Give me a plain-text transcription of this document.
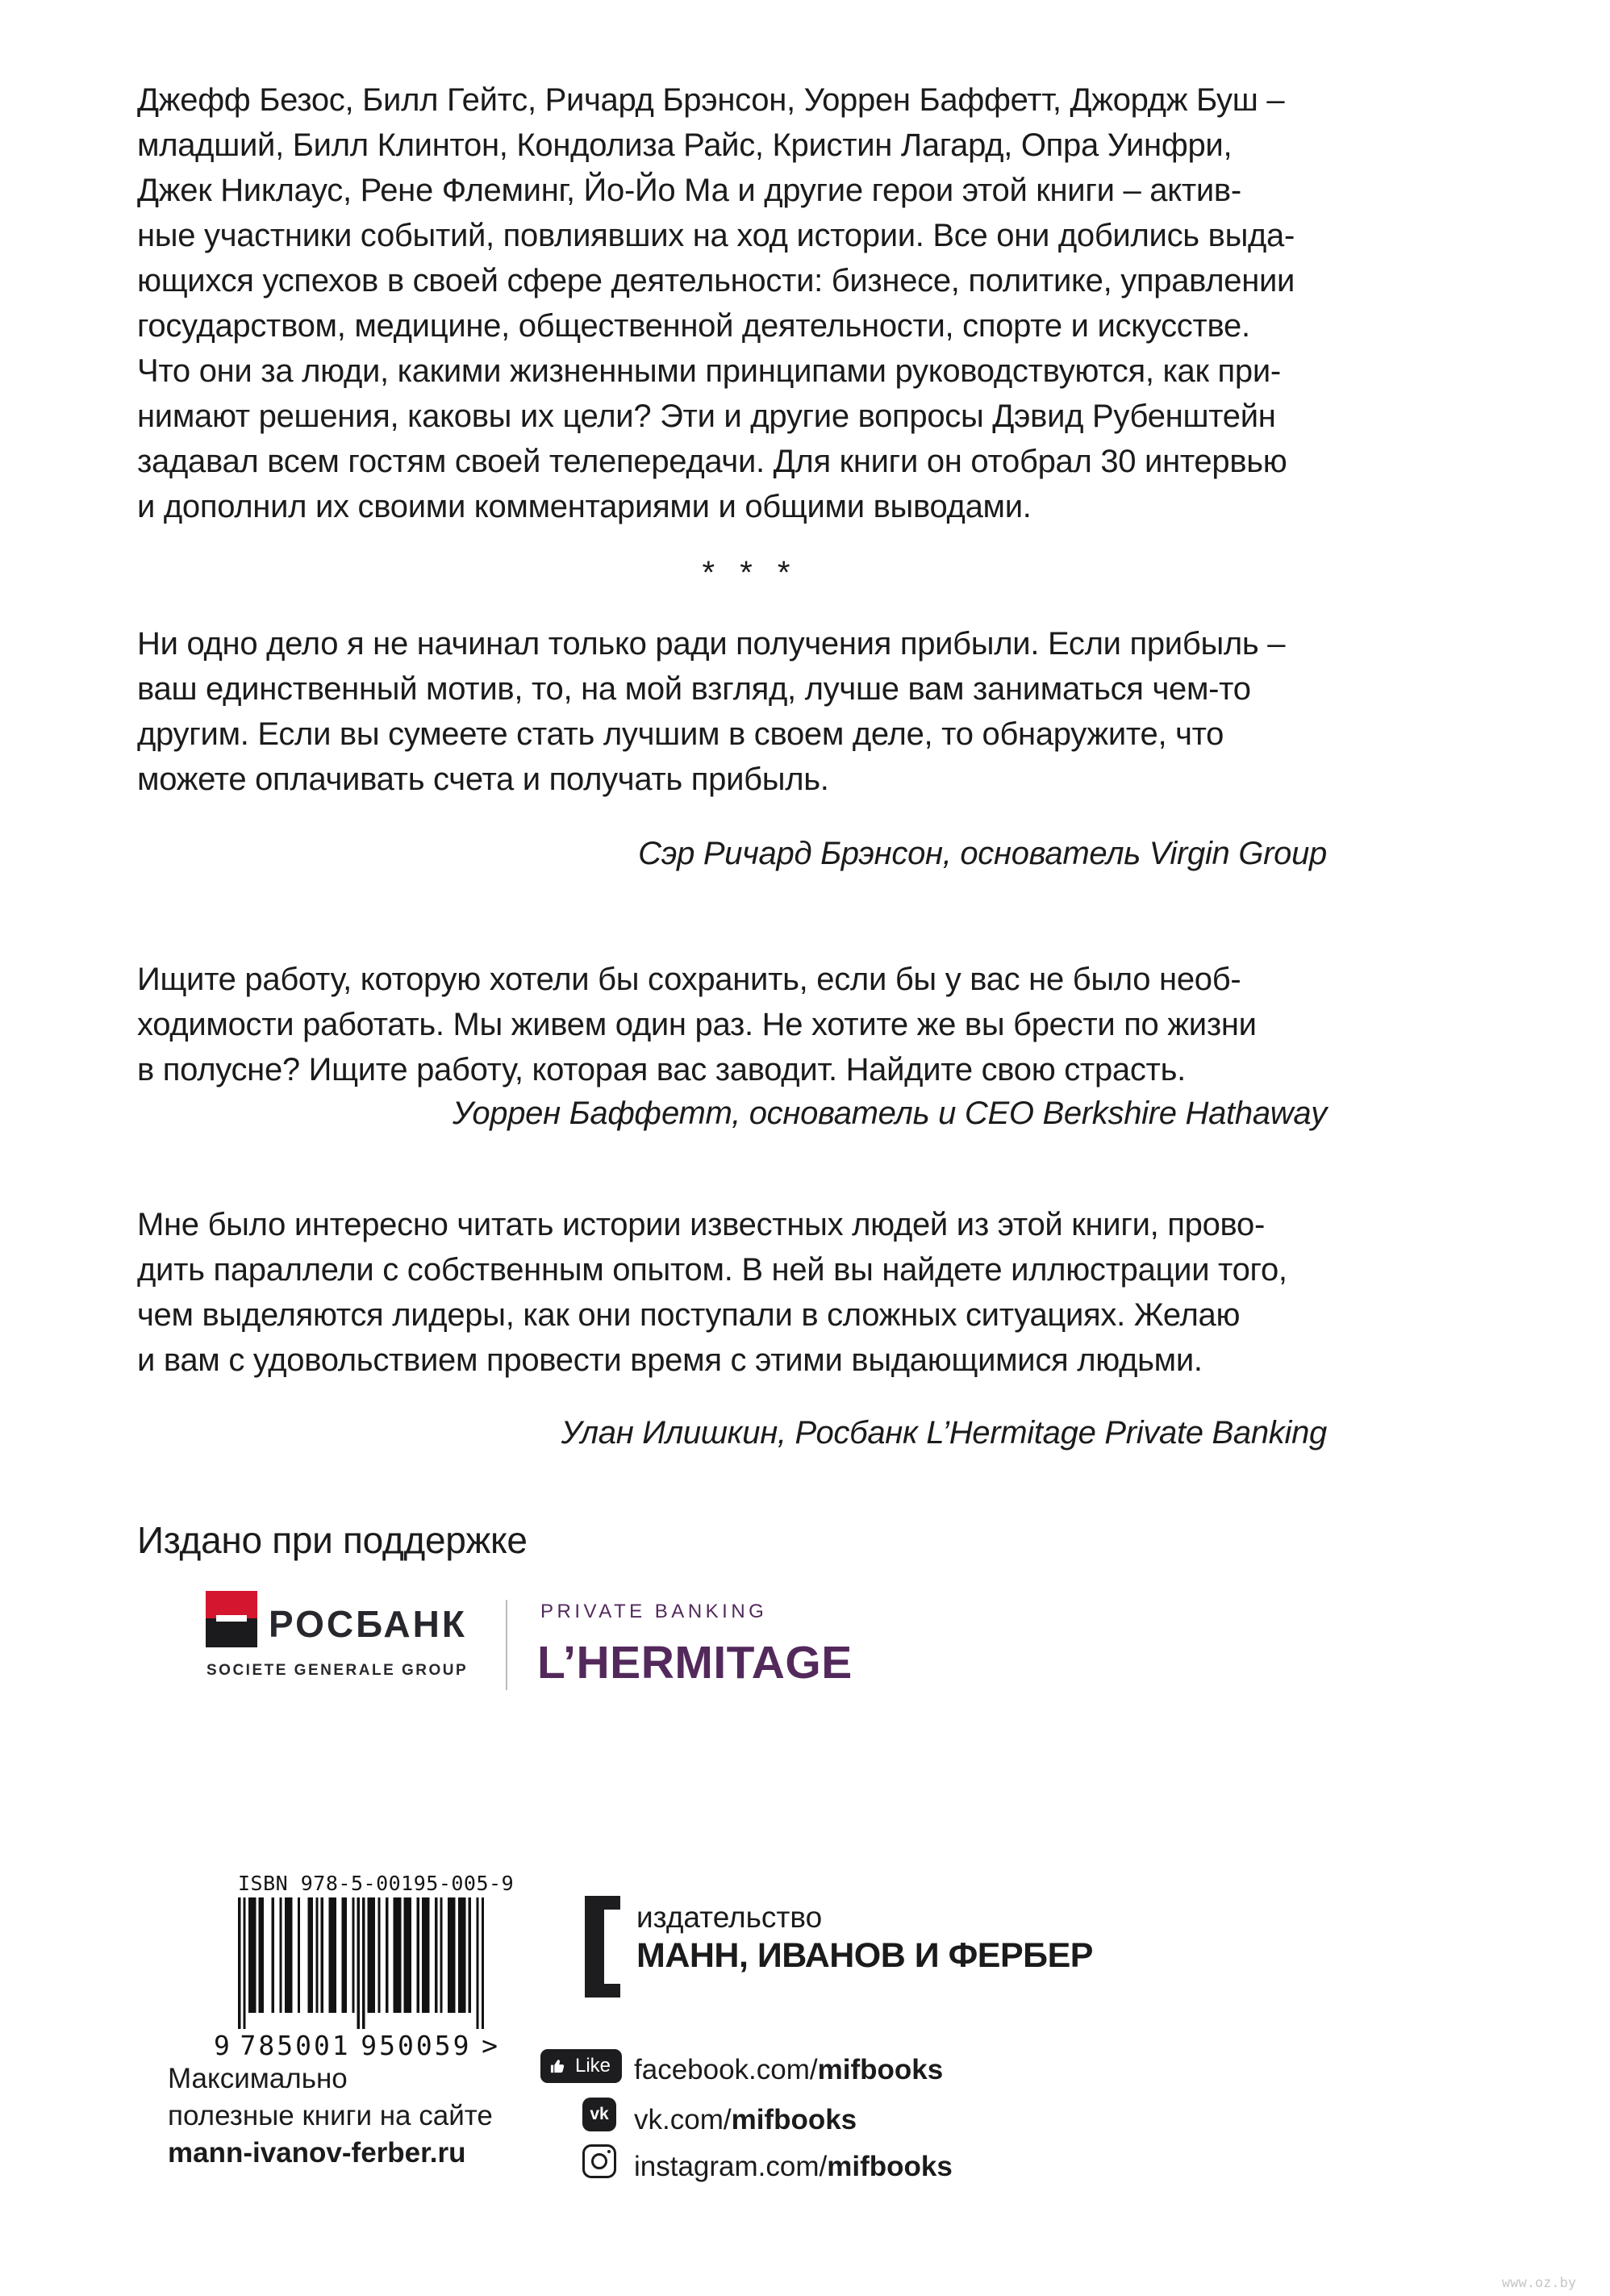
Джефф Безос, Билл Гейтс, Ричард Брэнсон, Уоррен Баффетт, Джордж Буш –
младший, Билл Клинтон, Кондолиза Райс, Кристин Лагард, Опра Уинфри,
Джек Никлаус, Рене Флеминг, Йо-Йо Ма и другие герои этой книги – актив-
ные участники событий, повлиявших на ход истории. Все они добились выда-
ющихся успехов в своей сфере деятельности: бизнесе, политике, управлении
государством, медицине, общественной деятельности, спорте и искусстве.
Что они за люди, какими жизненными принципами руководствуются, как при-
нимают решения, каковы их цели? Эти и другие вопросы Дэвид Рубенштейн
задавал всем гостям своей телепередачи. Для книги он отобрал 30 интервью
и дополнил их своими комментариями и общими выводами.
* * *
Ни одно дело я не начинал только ради получения прибыли. Если прибыль –
ваш единственный мотив, то, на мой взгляд, лучше вам заниматься чем-то
другим. Если вы сумеете стать лучшим в своем деле, то обнаружите, что
можете оплачивать счета и получать прибыль.
Сэр Ричард Брэнсон, основатель Virgin Group
Ищите работу, которую хотели бы сохранить, если бы у вас не было необ-
ходимости работать. Мы живем один раз. Не хотите же вы брести по жизни
в полусне? Ищите работу, которая вас заводит. Найдите свою страсть.
Уоррен Баффетт, основатель и CEO Berkshire Hathaway
Мне было интересно читать истории известных людей из этой книги, прово-
дить параллели с собственным опытом. В ней вы найдете иллюстрации того,
чем выделяются лидеры, как они поступали в сложных ситуациях. Желаю
и вам с удовольствием провести время с этими выдающимися людьми.
Улан Илишкин, Росбанк L’Hermitage Private Banking
Издано при поддержке
РОСБАНК
SOCIETE GENERALE GROUP
PRIVATE BANKING
L’HERMITAGE
ISBN 978-5-00195-005-9
9 785001 950059 >
издательство
МАНН, ИВАНОВ И ФЕРБЕР
Like facebook.com/mifbooks
vk vk.com/mifbooks
instagram.com/mifbooks
Максимально
полезные книги на сайте
mann-ivanov-ferber.ru
www.oz.by
